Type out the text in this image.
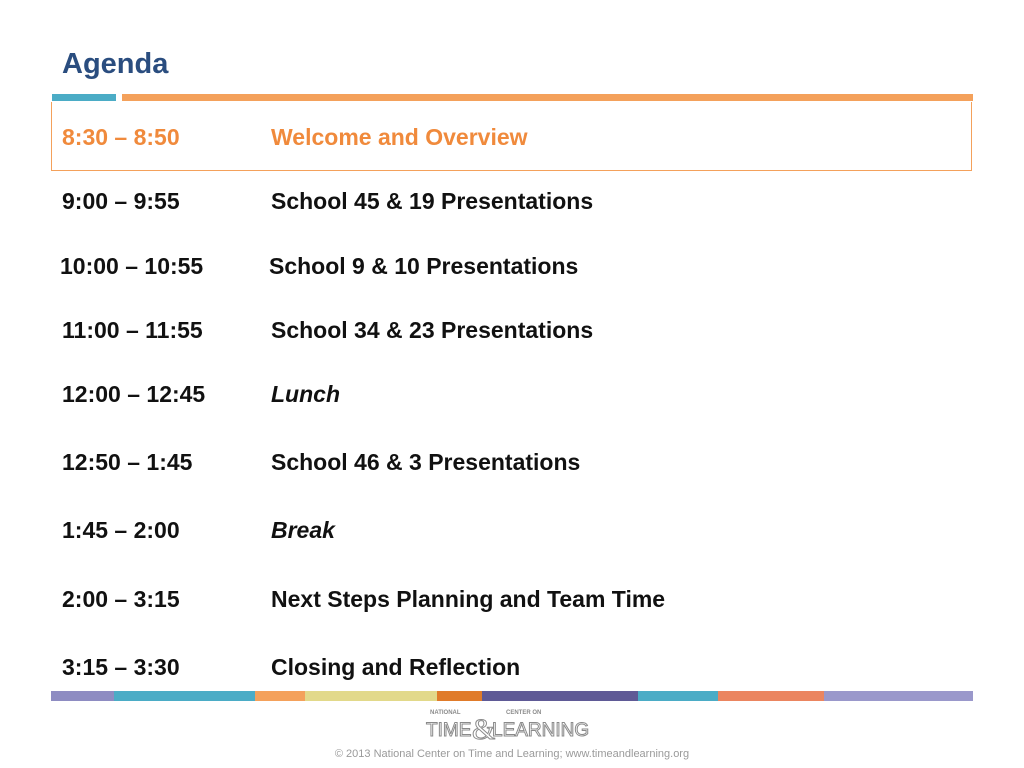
Agenda
8:30 – 8:50	Welcome and Overview
9:00 – 9:55	School 45 & 19 Presentations
10:00 – 10:55	School 9 & 10 Presentations
11:00 – 11:55	School 34 & 23 Presentations
12:00 – 12:45	Lunch
12:50 – 1:45	School 46 & 3 Presentations
1:45 – 2:00	Break
2:00 – 3:15	Next Steps Planning and Team Time
3:15 – 3:30	Closing and Reflection
NATIONAL	CENTER ON
TIME &
LEARNING
© 2013 National Center on Time and Learning; www.timeandlearning.org
